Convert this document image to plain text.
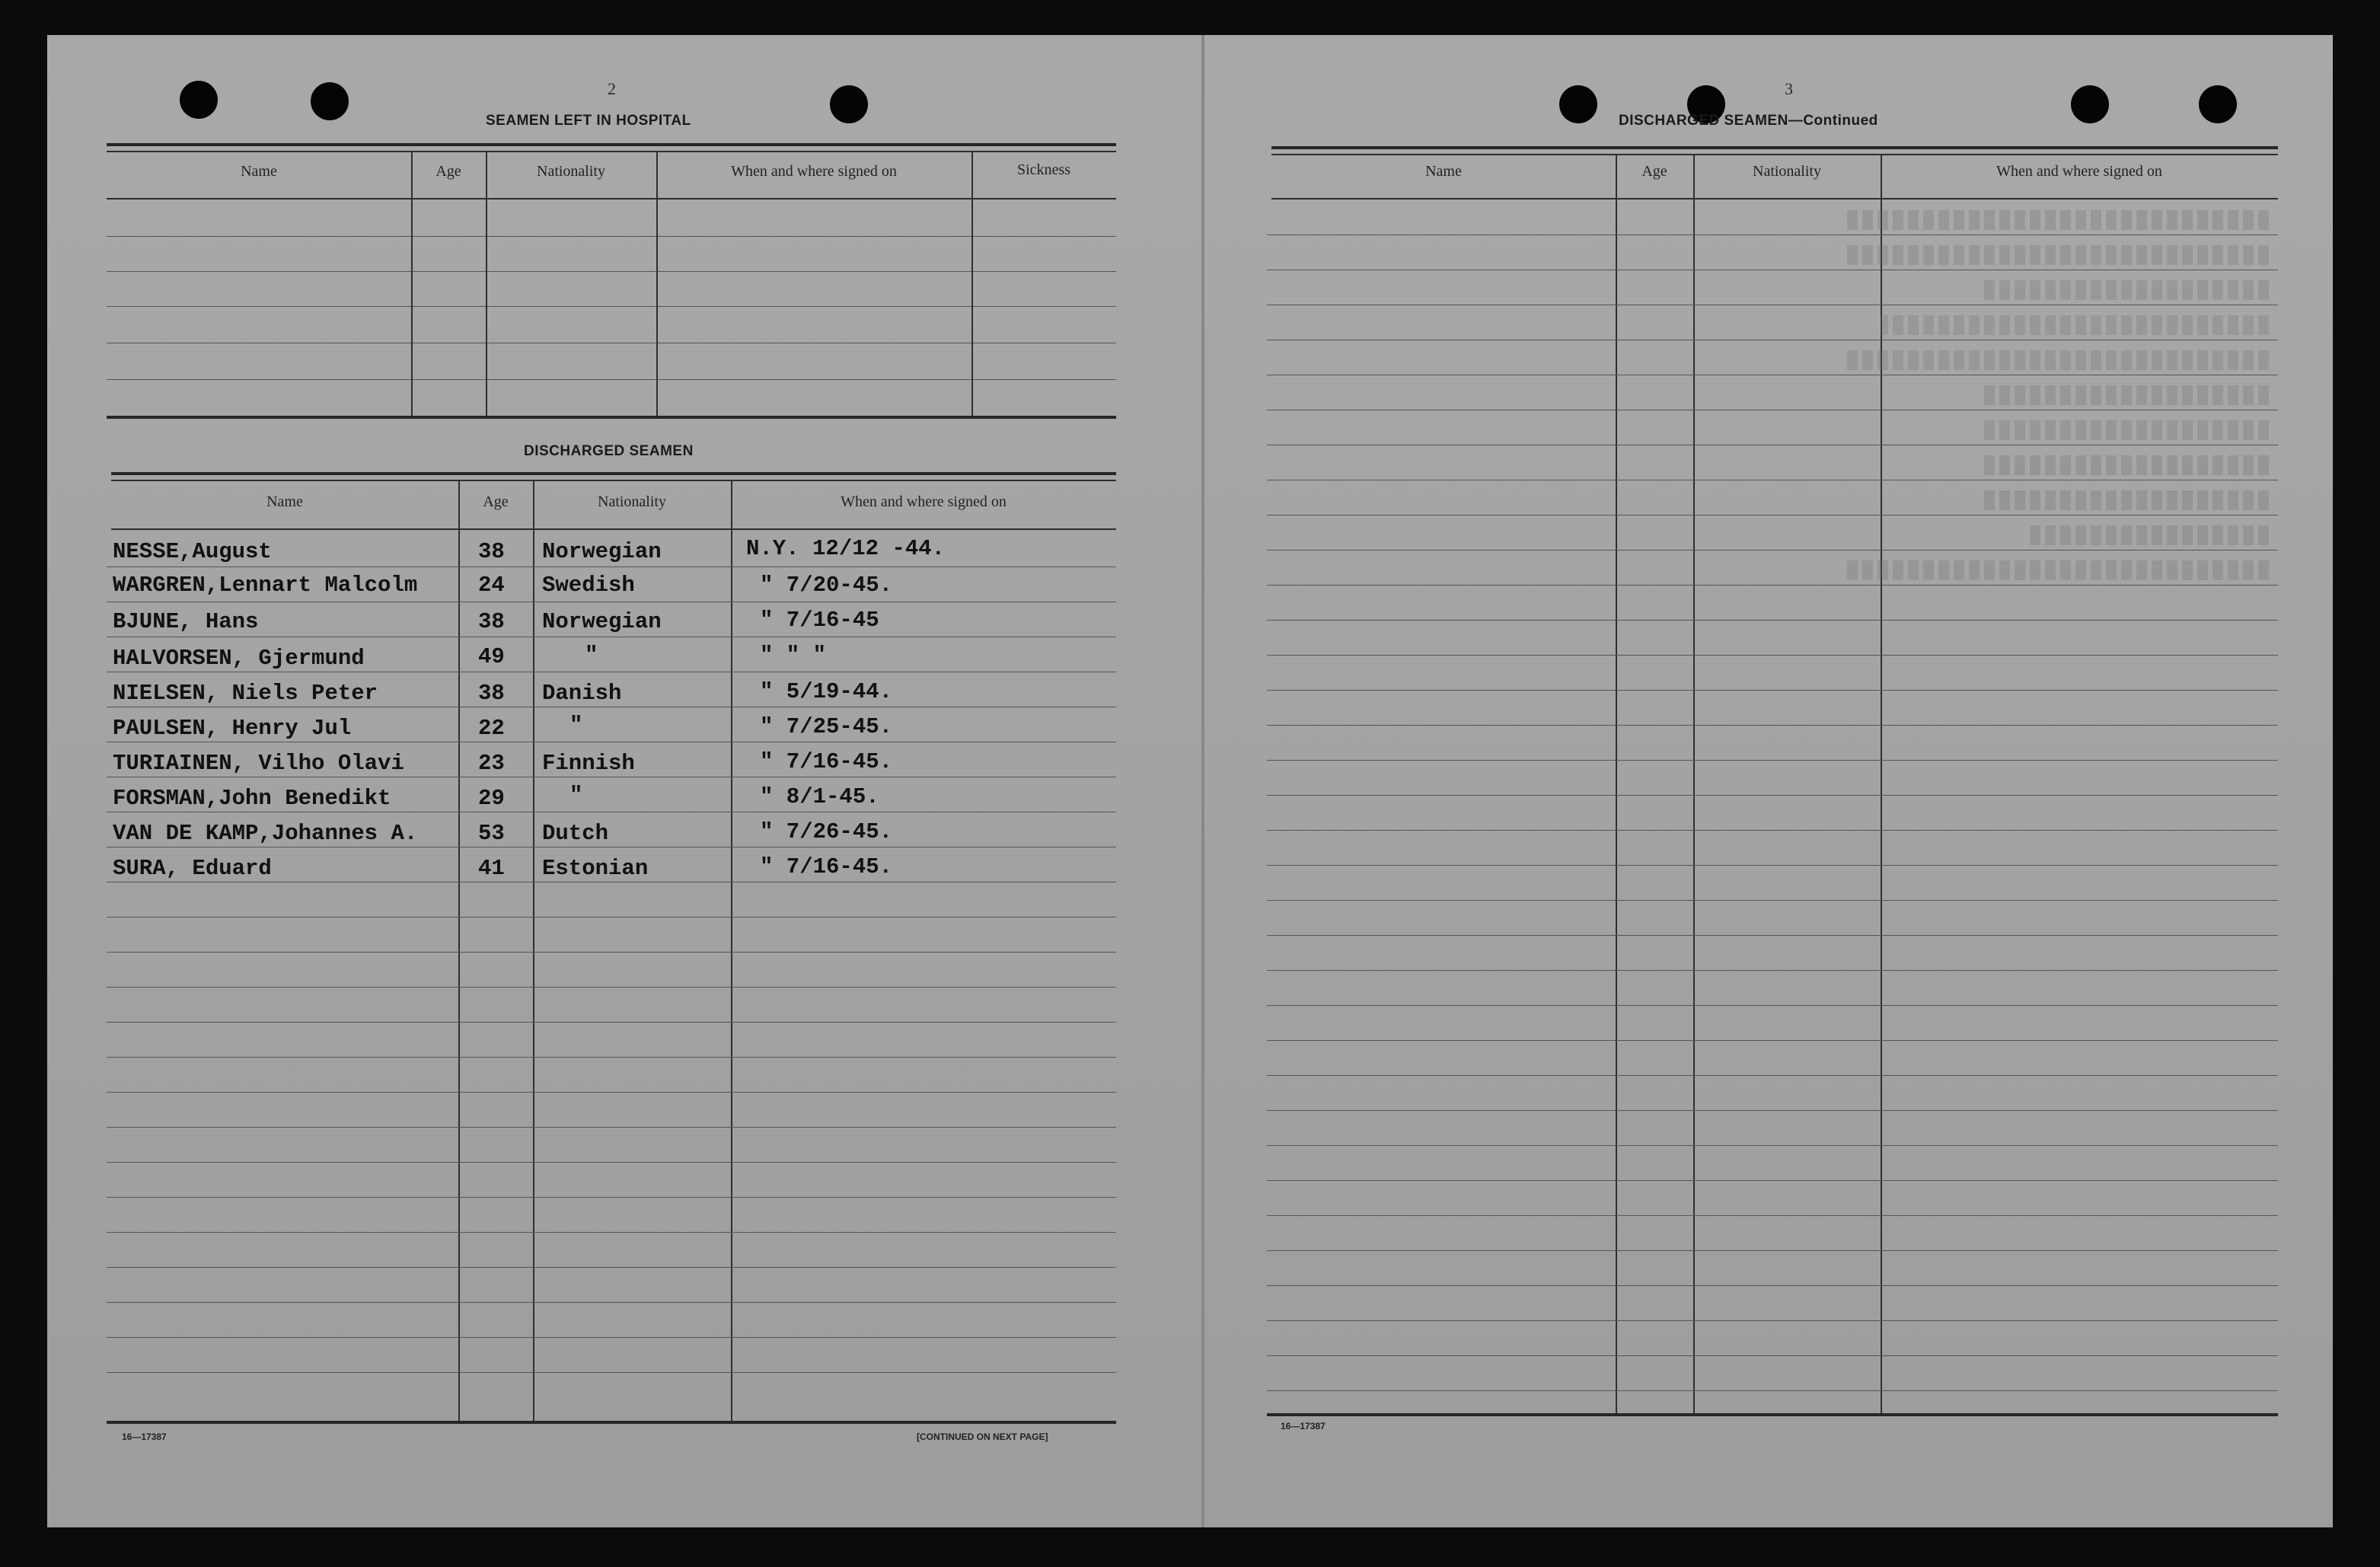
2
SEAMEN LEFT IN HOSPITAL
Name	Age	Nationality	When and where signed on	Sickness
DISCHARGED SEAMEN
Name	Age	Nationality	When and where signed on
NESSE,August	38 Norwegian	N.Y. 12/12 -44.
WARGREN,Lennart Malcolm	24 Swedish	" 7/20-45.
BJUNE, Hans	38 Norwegian	" 7/16-45
HALVORSEN, Gjermund	49	"	" " "
NIELSEN, Niels Peter	38 Danish	" 5/19-44.
PAULSEN, Henry Jul	22	"	" 7/25-45.
TURIAINEN, Vilho Olavi	23 Finnish	" 7/16-45.
FORSMAN,John Benedikt	29	"	" 8/1-45.
VAN DE KAMP,Johannes A.	53 Dutch	" 7/26-45.
SURA, Eduard	41 Estonian	" 7/16-45.
16—17387	[CONTINUED ON NEXT PAGE]
3
DISCHARGED SEAMEN—Continued
Name	Age	Nationality	When and where signed on
16—17387
